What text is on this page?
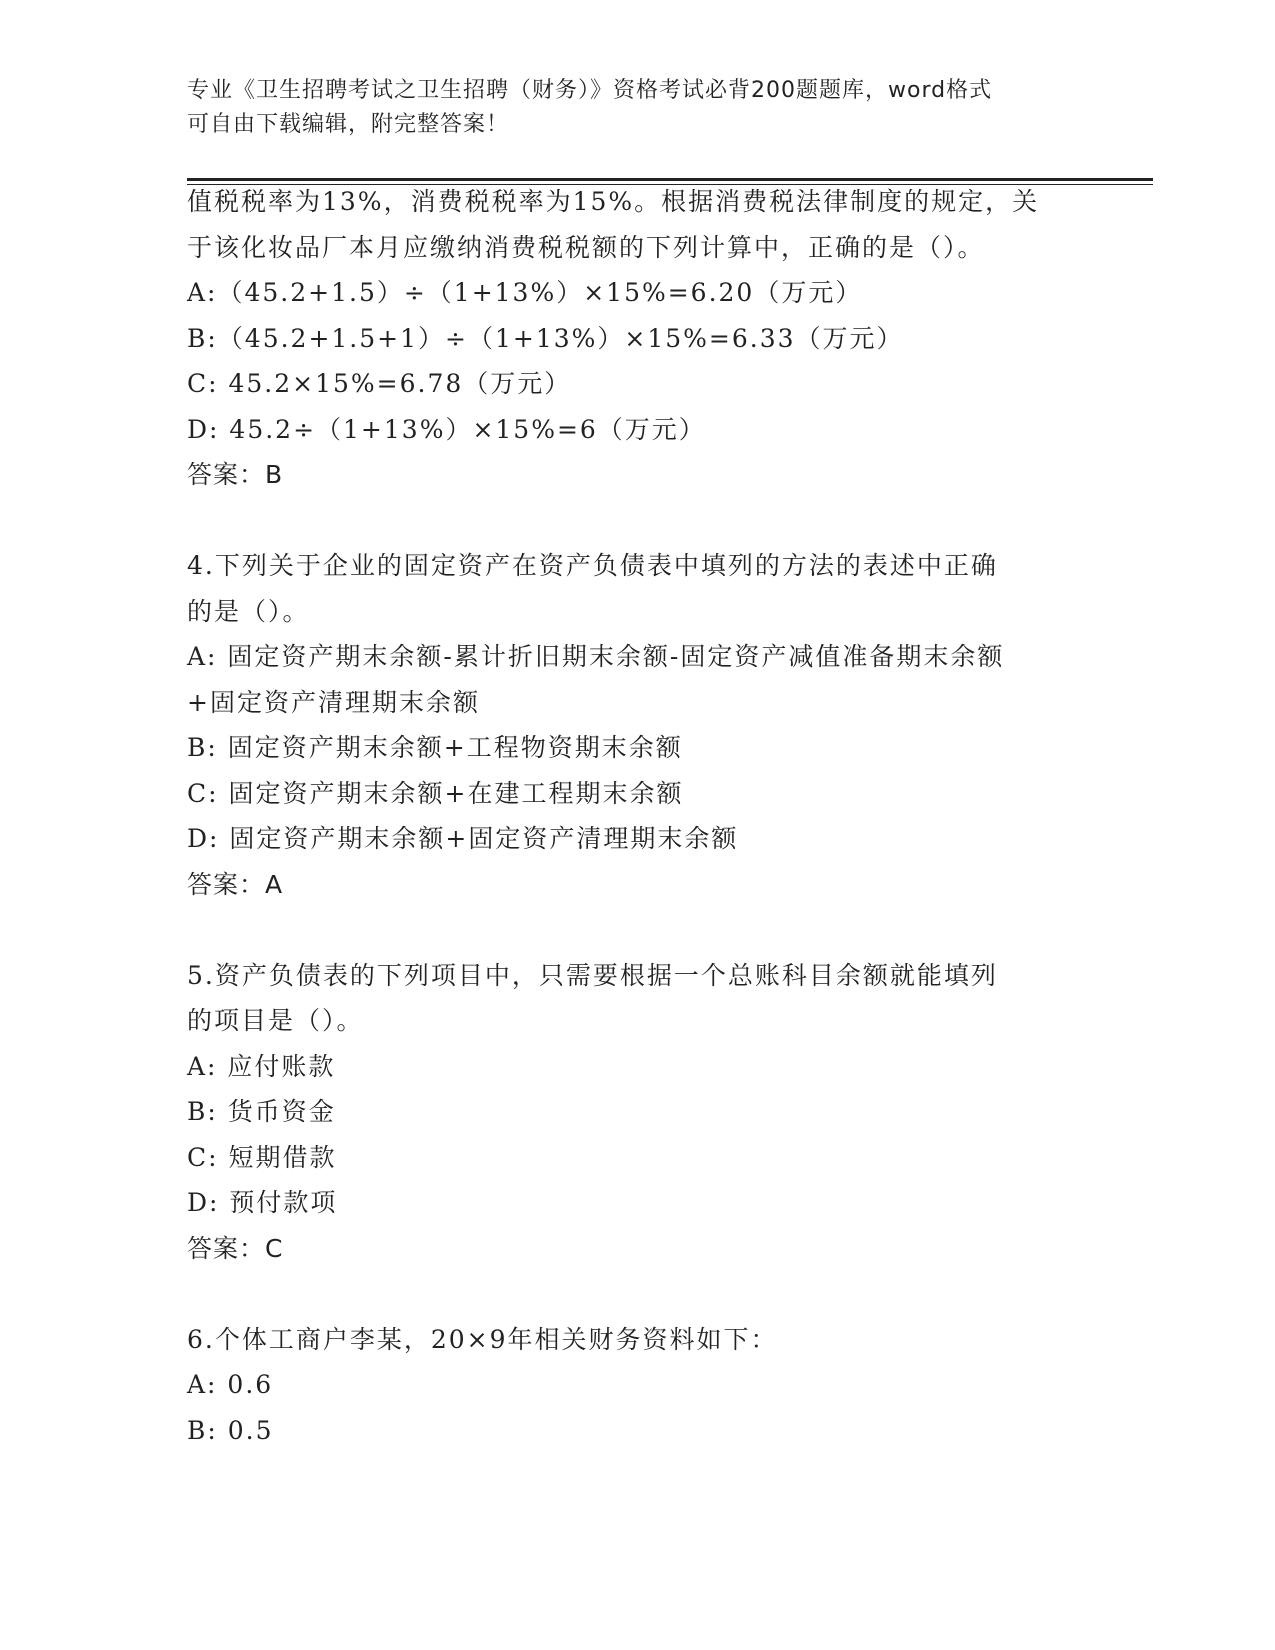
专业《卫生招聘考试之卫生招聘（财务）》资格考试必背200题题库，word格式
可自由下载编辑，附完整答案！
值税税率为13%，消费税税率为15%。根据消费税法律制度的规定，关
于该化妆品厂本月应缴纳消费税税额的下列计算中，正确的是（）。
A:（45.2+1.5）÷（1+13%）×15%=6.20（万元）
B:（45.2+1.5+1）÷（1+13%）×15%=6.33（万元）
C: 45.2×15%=6.78（万元）
D: 45.2÷（1+13%）×15%=6（万元）
答案：B
4.下列关于企业的固定资产在资产负债表中填列的方法的表述中正确
的是（）。
A: 固定资产期末余额-累计折旧期末余额-固定资产减值准备期末余额
+固定资产清理期末余额
B: 固定资产期末余额+工程物资期末余额
C: 固定资产期末余额+在建工程期末余额
D: 固定资产期末余额+固定资产清理期末余额
答案：A
5.资产负债表的下列项目中，只需要根据一个总账科目余额就能填列
的项目是（）。
A: 应付账款
B: 货币资金
C: 短期借款
D: 预付款项
答案：C
6.个体工商户李某，20×9年相关财务资料如下：
A: 0.6
B: 0.5
